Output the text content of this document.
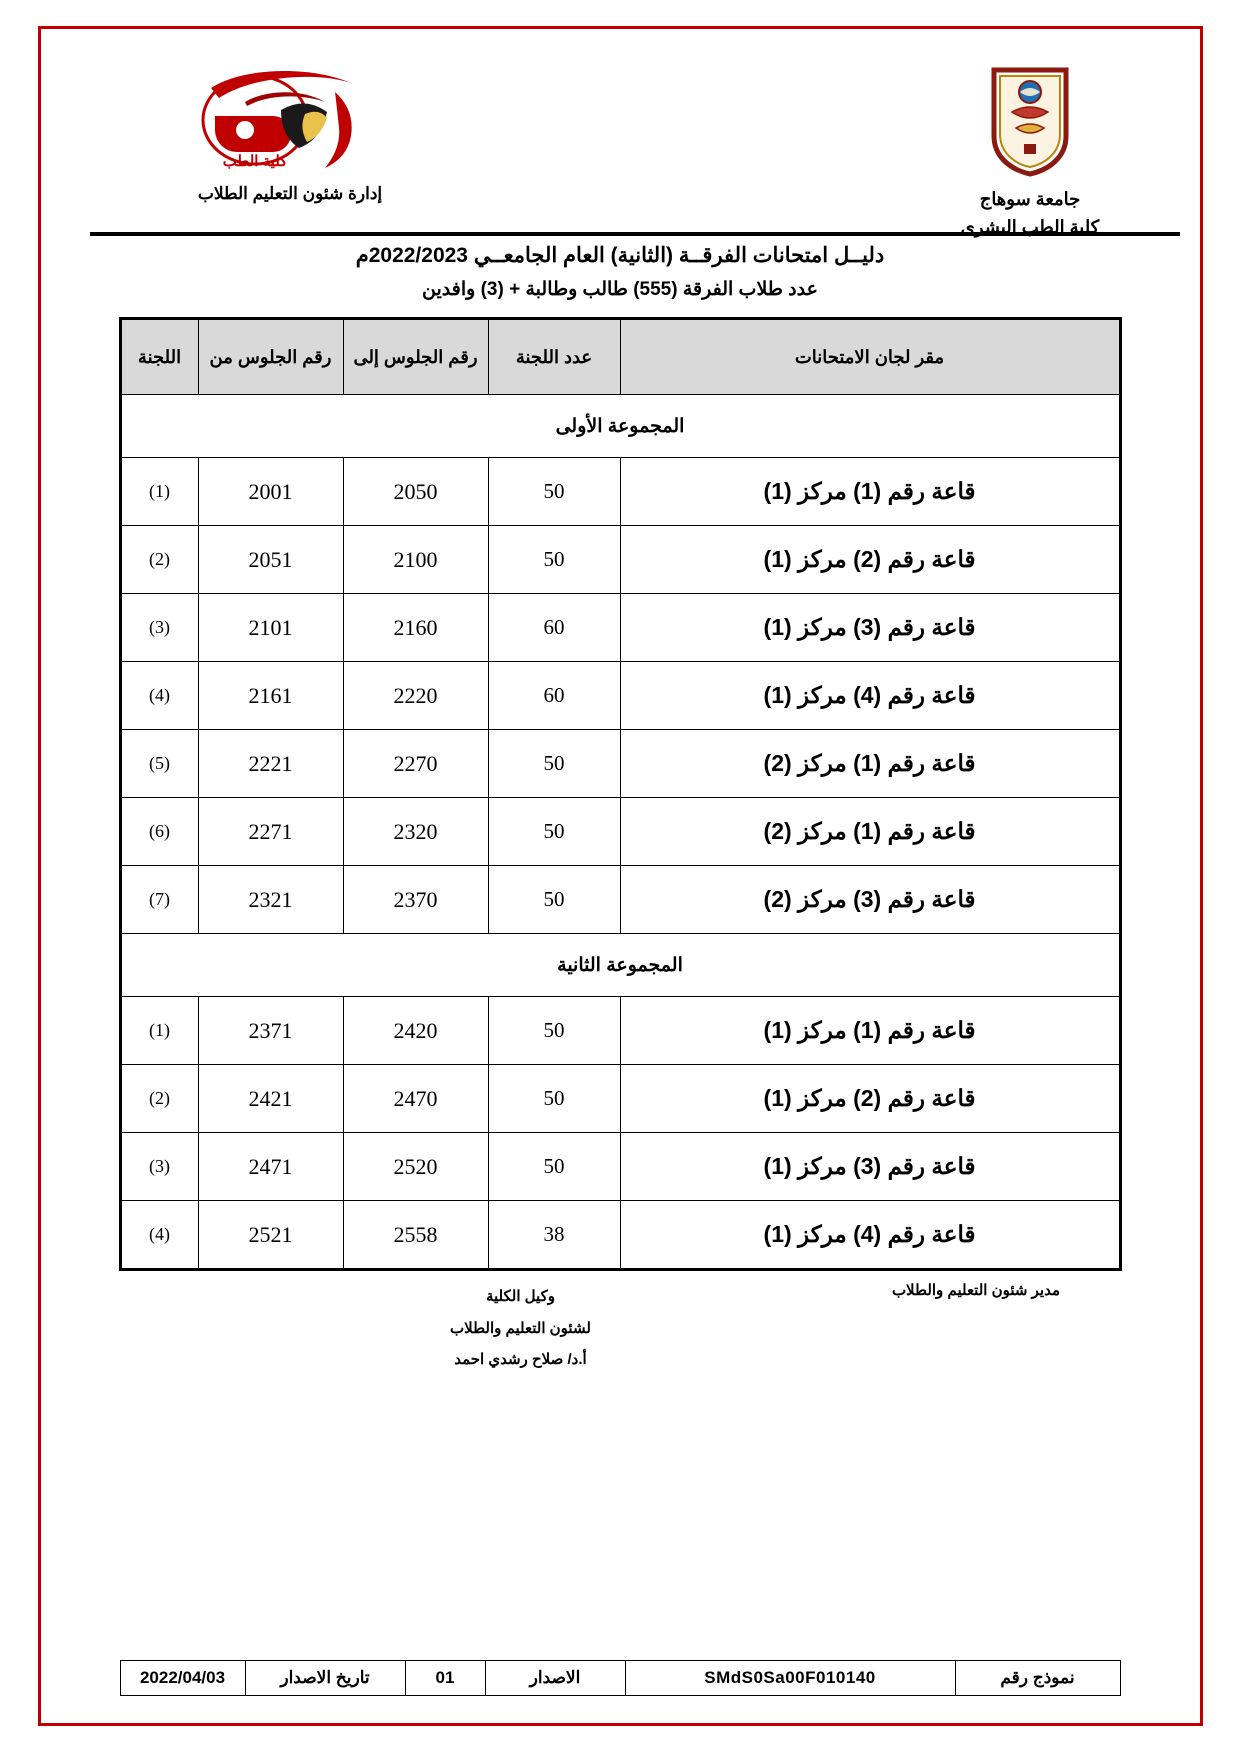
جامعة سوهاج
كلية الطب البشرى
كلية الطب
إدارة شئون التعليم الطلاب
دليــل امتحانات الفرقــة (الثانية) العام الجامعــي 2022/2023م
عدد طلاب الفرقة (555) طالب وطالبة + (3) وافدين
مقر لجان الامتحانات	عدد اللجنة	رقم الجلوس إلى	رقم الجلوس من	اللجنة
المجموعة الأولى				
قاعة رقم (1) مركز (1)	50	2050	2001	(1)
قاعة رقم (2) مركز (1)	50	2100	2051	(2)
قاعة رقم (3) مركز (1)	60	2160	2101	(3)
قاعة رقم (4) مركز (1)	60	2220	2161	(4)
قاعة رقم (1) مركز (2)	50	2270	2221	(5)
قاعة رقم (1) مركز (2)	50	2320	2271	(6)
قاعة رقم (3) مركز (2)	50	2370	2321	(7)
المجموعة الثانية				
قاعة رقم (1) مركز (1)	50	2420	2371	(1)
قاعة رقم (2) مركز (1)	50	2470	2421	(2)
قاعة رقم (3) مركز (1)	50	2520	2471	(3)
قاعة رقم (4) مركز (1)	38	2558	2521	(4)
مدير شئون التعليم والطلاب
وكيل الكلية
لشئون التعليم والطلاب
أ.د/ صلاح رشدي احمد
نموذج رقم	SMdS0Sa00F010140	الاصدار	01	تاريخ الاصدار	2022/04/03
